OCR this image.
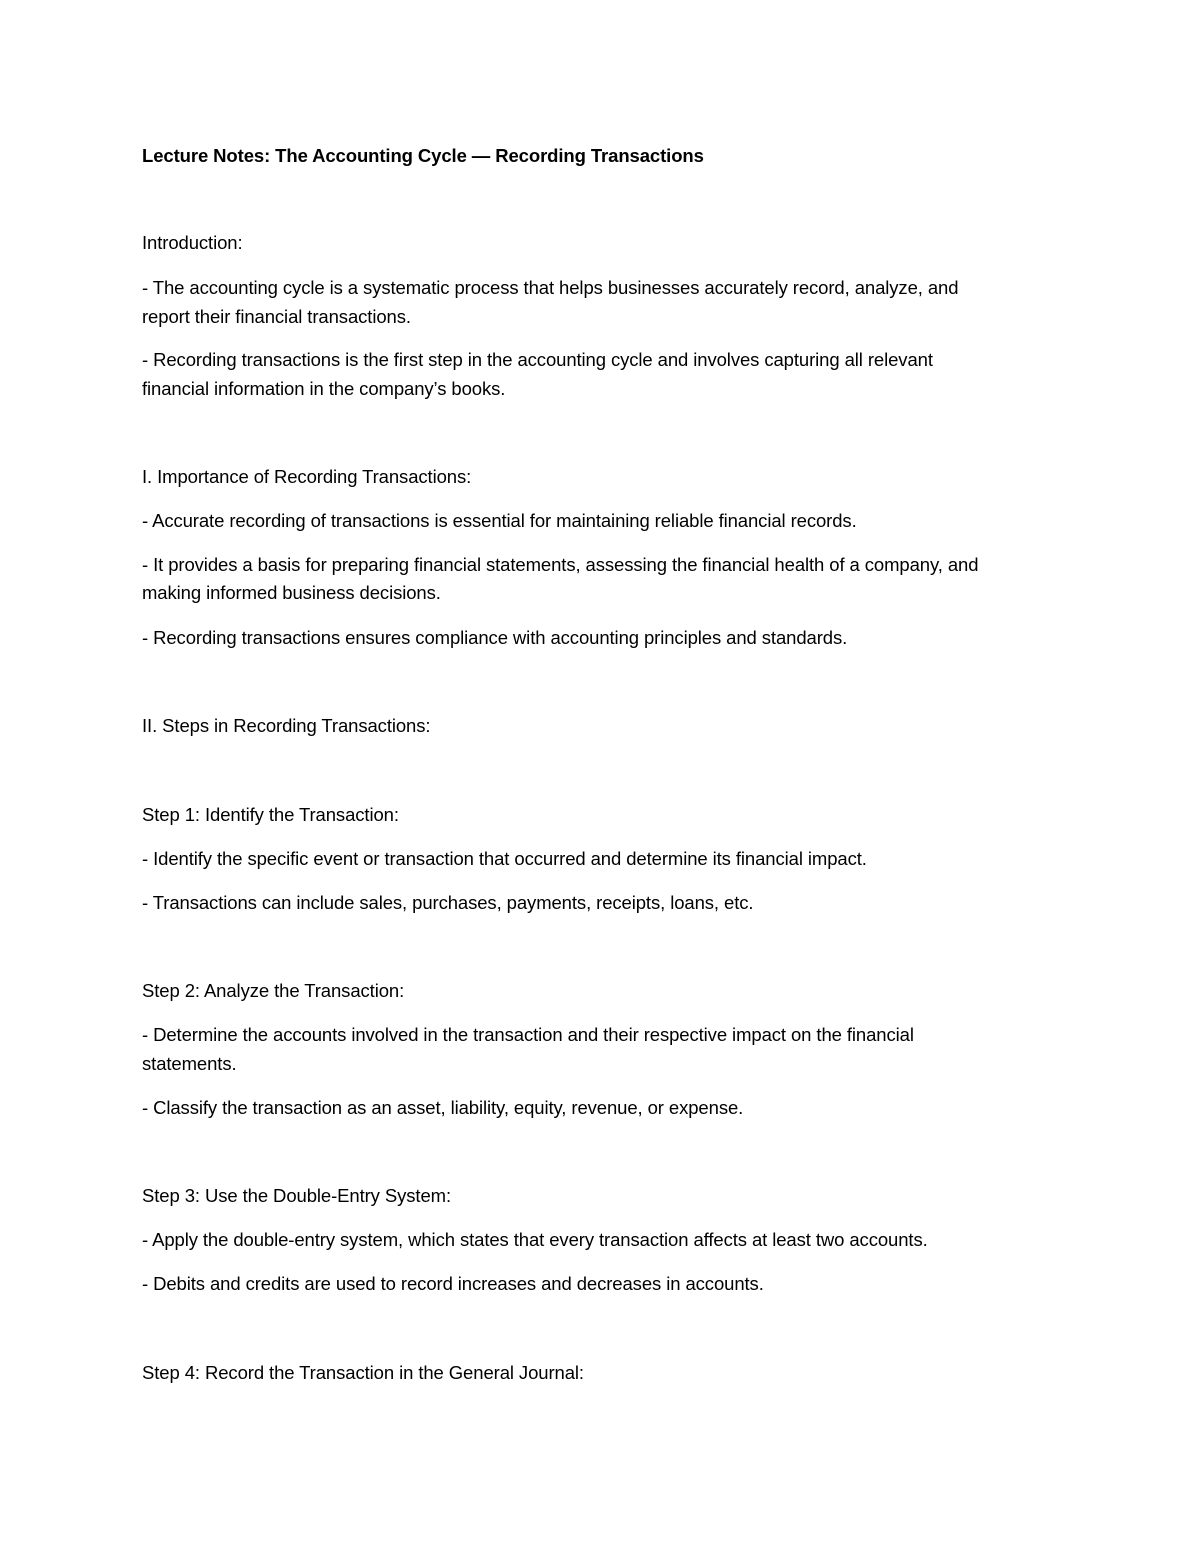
Lecture Notes: The Accounting Cycle — Recording Transactions
Introduction:
- The accounting cycle is a systematic process that helps businesses accurately record, analyze, and
report their financial transactions.
- Recording transactions is the first step in the accounting cycle and involves capturing all relevant
financial information in the company’s books.
I. Importance of Recording Transactions:
- Accurate recording of transactions is essential for maintaining reliable financial records.
- It provides a basis for preparing financial statements, assessing the financial health of a company, and
making informed business decisions.
- Recording transactions ensures compliance with accounting principles and standards.
II. Steps in Recording Transactions:
Step 1: Identify the Transaction:
- Identify the specific event or transaction that occurred and determine its financial impact.
- Transactions can include sales, purchases, payments, receipts, loans, etc.
Step 2: Analyze the Transaction:
- Determine the accounts involved in the transaction and their respective impact on the financial
statements.
- Classify the transaction as an asset, liability, equity, revenue, or expense.
Step 3: Use the Double-Entry System:
- Apply the double-entry system, which states that every transaction affects at least two accounts.
- Debits and credits are used to record increases and decreases in accounts.
Step 4: Record the Transaction in the General Journal:
